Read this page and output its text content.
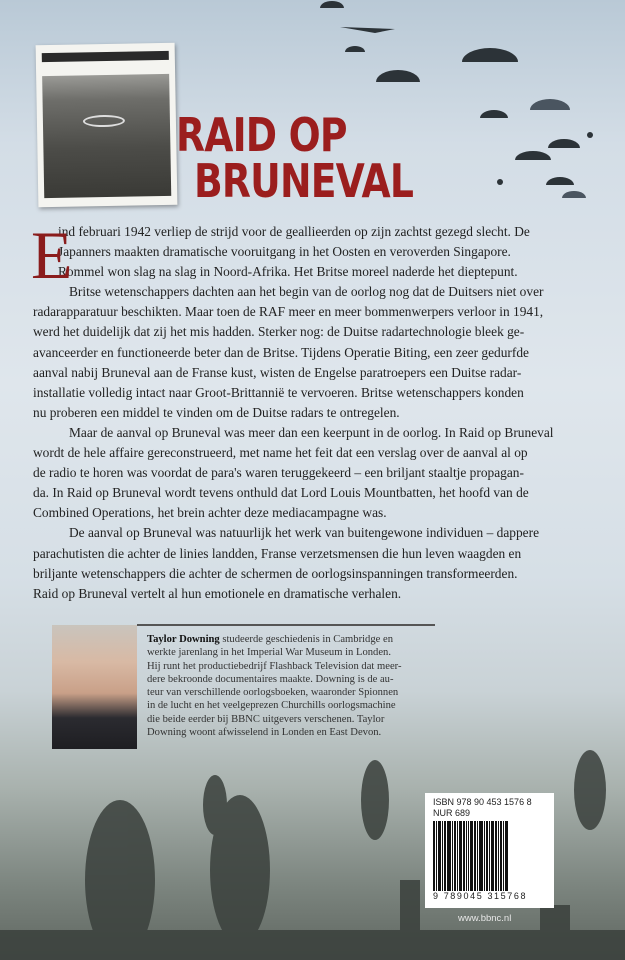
RAID OP
BRUNEVAL
E
ind februari 1942 verliep de strijd voor de geallieerden op zijn zachtst gezegd slecht. De
Japanners maakten dramatische vooruitgang in het Oosten en veroverden Singapore.
Rommel won slag na slag in Noord-Afrika. Het Britse moreel naderde het dieptepunt.
Britse wetenschappers dachten aan het begin van de oorlog nog dat de Duitsers niet over
radarapparatuur beschikten. Maar toen de RAF meer en meer bommenwerpers verloor in 1941,
werd het duidelijk dat zij het mis hadden. Sterker nog: de Duitse radartechnologie bleek ge-
avanceerder en functioneerde beter dan de Britse. Tijdens Operatie Biting, een zeer gedurfde
aanval nabij Bruneval aan de Franse kust, wisten de Engelse paratroepers een Duitse radar-
installatie volledig intact naar Groot-Brittannië te vervoeren. Britse wetenschappers konden
nu proberen een middel te vinden om de Duitse radars te ontregelen.
Maar de aanval op Bruneval was meer dan een keerpunt in de oorlog. In Raid op Bruneval
wordt de hele affaire gereconstrueerd, met name het feit dat een verslag over de aanval al op
de radio te horen was voordat de para's waren teruggekeerd – een briljant staaltje propagan-
da. In Raid op Bruneval wordt tevens onthuld dat Lord Louis Mountbatten, het hoofd van de
Combined Operations, het brein achter deze mediacampagne was.
De aanval op Bruneval was natuurlijk het werk van buitengewone individuen – dappere
parachutisten die achter de linies landden, Franse verzetsmensen die hun leven waagden en
briljante wetenschappers die achter de schermen de oorlogsinspanningen transformeerden.
Raid op Bruneval vertelt al hun emotionele en dramatische verhalen.
Taylor Downing studeerde geschiedenis in Cambridge en
werkte jarenlang in het Imperial War Museum in Londen.
Hij runt het productiebedrijf Flashback Television dat meer-
dere bekroonde documentaires maakte. Downing is de au-
teur van verschillende oorlogsboeken, waaronder Spionnen
in de lucht en het veelgeprezen Churchills oorlogsmachine
die beide eerder bij BBNC uitgevers verschenen. Taylor
Downing woont afwisselend in Londen en East Devon.
ISBN 978 90 453 1576 8
NUR 689
9 789045 315768
www.bbnc.nl
